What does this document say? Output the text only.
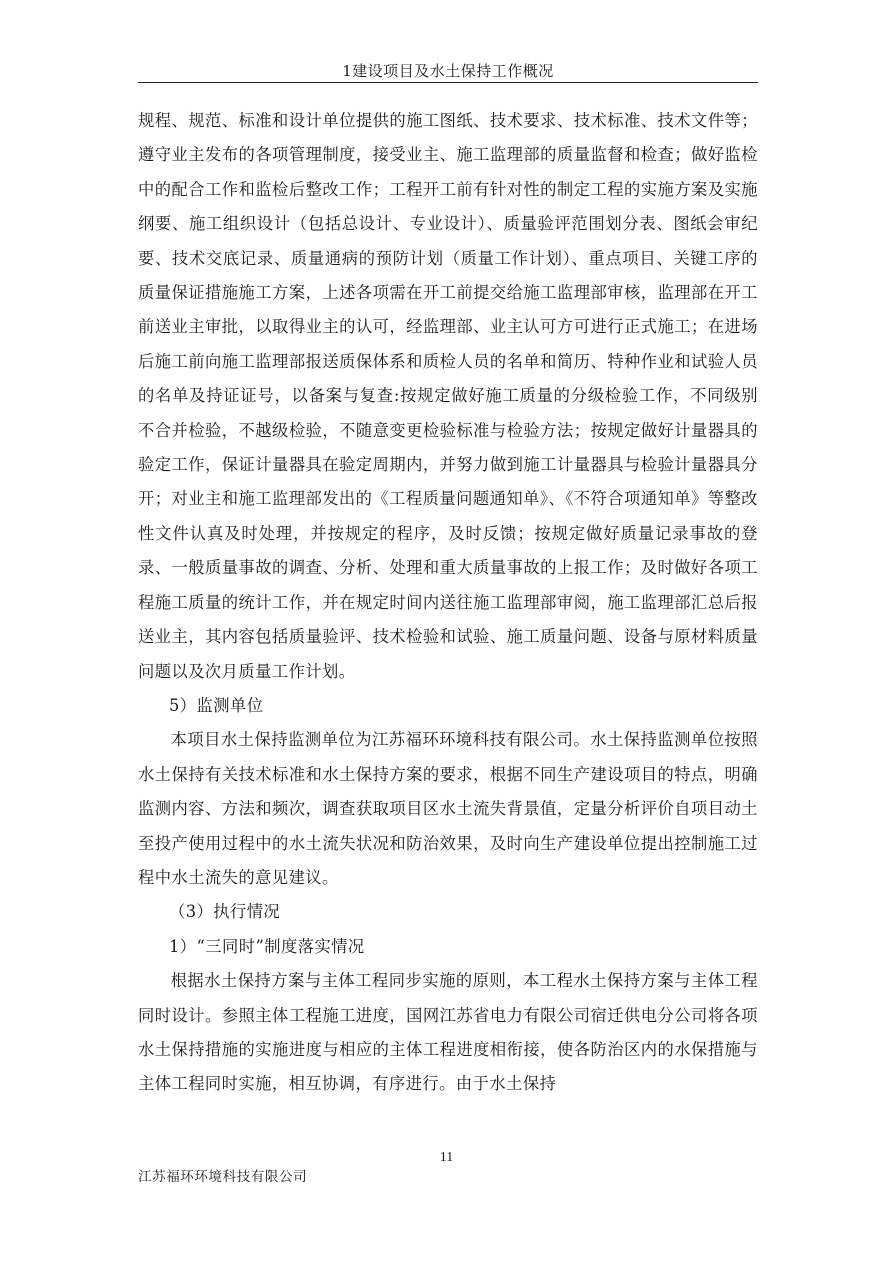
1建设项目及水土保持工作概况

规程、规范、标准和设计单位提供的施工图纸、技术要求、技术标准、技术文件等；遵守业主发布的各项管理制度，接受业主、施工监理部的质量监督和检查；做好监检中的配合工作和监检后整改工作；工程开工前有针对性的制定工程的实施方案及实施纲要、施工组织设计（包括总设计、专业设计）、质量验评范围划分表、图纸会审纪要、技术交底记录、质量通病的预防计划（质量工作计划）、重点项目、关键工序的质量保证措施施工方案，上述各项需在开工前提交给施工监理部审核，监理部在开工前送业主审批，以取得业主的认可，经监理部、业主认可方可进行正式施工；在进场后施工前向施工监理部报送质保体系和质检人员的名单和简历、特种作业和试验人员的名单及持证证号，以备案与复查:按规定做好施工质量的分级检验工作，不同级别不合并检验，不越级检验，不随意变更检验标准与检验方法；按规定做好计量器具的验定工作，保证计量器具在验定周期内，并努力做到施工计量器具与检验计量器具分开；对业主和施工监理部发出的《工程质量问题通知单》、《不符合项通知单》等整改性文件认真及时处理，并按规定的程序，及时反馈；按规定做好质量记录事故的登录、一般质量事故的调查、分析、处理和重大质量事故的上报工作；及时做好各项工程施工质量的统计工作，并在规定时间内送往施工监理部审阅，施工监理部汇总后报送业主，其内容包括质量验评、技术检验和试验、施工质量问题、设备与原材料质量问题以及次月质量工作计划。

5）监测单位

本项目水土保持监测单位为江苏福环环境科技有限公司。水土保持监测单位按照水土保持有关技术标准和水土保持方案的要求，根据不同生产建设项目的特点，明确监测内容、方法和频次，调查获取项目区水土流失背景值，定量分析评价自项目动土至投产使用过程中的水土流失状况和防治效果，及时向生产建设单位提出控制施工过程中水土流失的意见建议。

（3）执行情况

1）“三同时”制度落实情况

根据水土保持方案与主体工程同步实施的原则，本工程水土保持方案与主体工程同时设计。参照主体工程施工进度，国网江苏省电力有限公司宿迁供电分公司将各项水土保持措施的实施进度与相应的主体工程进度相衔接，使各防治区内的水保措施与主体工程同时实施，相互协调，有序进行。由于水土保持

11
江苏福环环境科技有限公司
